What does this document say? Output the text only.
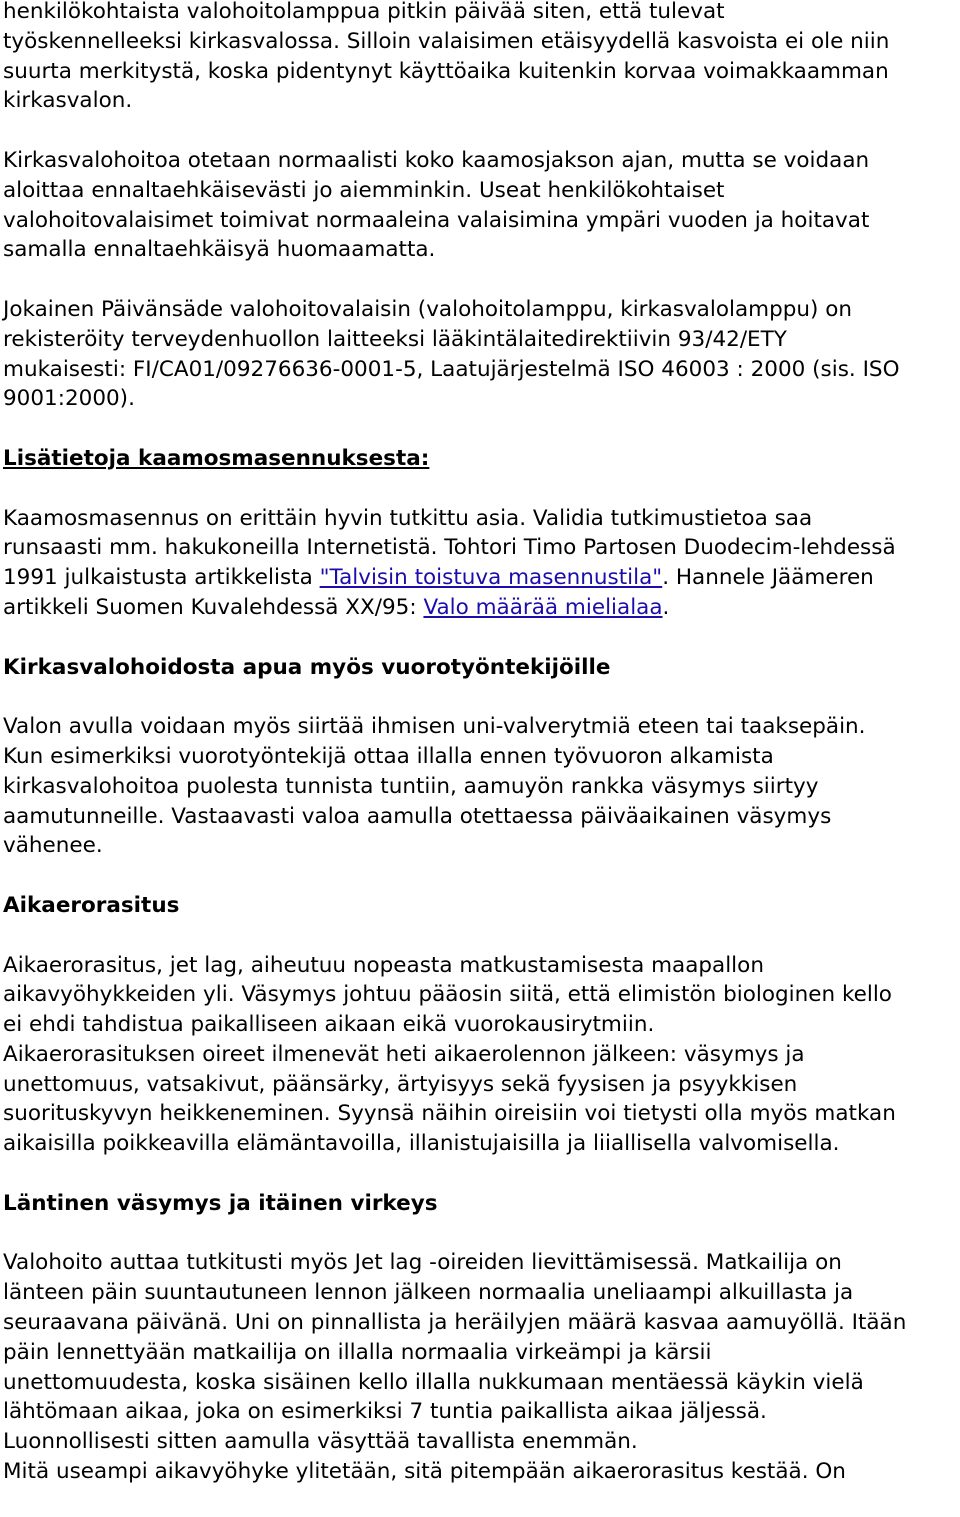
henkilökohtaista valohoitolamppua pitkin päivää siten, että tulevat
työskennelleeksi kirkasvalossa. Silloin valaisimen etäisyydellä kasvoista ei ole niin
suurta merkitystä, koska pidentynyt käyttöaika kuitenkin korvaa voimakkaamman
kirkasvalon.
Kirkasvalohoitoa otetaan normaalisti koko kaamosjakson ajan, mutta se voidaan
aloittaa ennaltaehkäisevästi jo aiemminkin. Useat henkilökohtaiset
valohoitovalaisimet toimivat normaaleina valaisimina ympäri vuoden ja hoitavat
samalla ennaltaehkäisyä huomaamatta.
Jokainen Päivänsäde valohoitovalaisin (valohoitolamppu, kirkasvalolamppu) on
rekisteröity terveydenhuollon laitteeksi lääkintälaitedirektiivin 93/42/ETY
mukaisesti: FI/CA01/09276636-0001-5, Laatujärjestelmä ISO 46003 : 2000 (sis. ISO
9001:2000).
Lisätietoja kaamosmasennuksesta:
Kaamosmasennus on erittäin hyvin tutkittu asia. Validia tutkimustietoa saa
runsaasti mm. hakukoneilla Internetistä. Tohtori Timo Partosen Duodecim-lehdessä
1991 julkaistusta artikkelista "Talvisin toistuva masennustila". Hannele Jäämeren
artikkeli Suomen Kuvalehdessä XX/95: Valo määrää mielialaa.
Kirkasvalohoidosta apua myös vuorotyöntekijöille
Valon avulla voidaan myös siirtää ihmisen uni-valverytmiä eteen tai taaksepäin.
Kun esimerkiksi vuorotyöntekijä ottaa illalla ennen työvuoron alkamista
kirkasvalohoitoa puolesta tunnista tuntiin, aamuyön rankka väsymys siirtyy
aamutunneille. Vastaavasti valoa aamulla otettaessa päiväaikainen väsymys
vähenee.
Aikaerorasitus
Aikaerorasitus, jet lag, aiheutuu nopeasta matkustamisesta maapallon
aikavyöhykkeiden yli. Väsymys johtuu pääosin siitä, että elimistön biologinen kello
ei ehdi tahdistua paikalliseen aikaan eikä vuorokausirytmiin.
Aikaerorasituksen oireet ilmenevät heti aikaerolennon jälkeen: väsymys ja
unettomuus, vatsakivut, päänsärky, ärtyisyys sekä fyysisen ja psyykkisen
suorituskyvyn heikkeneminen. Syynsä näihin oireisiin voi tietysti olla myös matkan
aikaisilla poikkeavilla elämäntavoilla, illanistujaisilla ja liiallisella valvomisella.
Läntinen väsymys ja itäinen virkeys
Valohoito auttaa tutkitusti myös Jet lag -oireiden lievittämisessä. Matkailija on
länteen päin suuntautuneen lennon jälkeen normaalia uneliaampi alkuillasta ja
seuraavana päivänä. Uni on pinnallista ja heräilyjen määrä kasvaa aamuyöllä. Itään
päin lennettyään matkailija on illalla normaalia virkeämpi ja kärsii
unettomuudesta, koska sisäinen kello illalla nukkumaan mentäessä käykin vielä
lähtömaan aikaa, joka on esimerkiksi 7 tuntia paikallista aikaa jäljessä.
Luonnollisesti sitten aamulla väsyttää tavallista enemmän.
Mitä useampi aikavyöhyke ylitetään, sitä pitempään aikaerorasitus kestää. On
